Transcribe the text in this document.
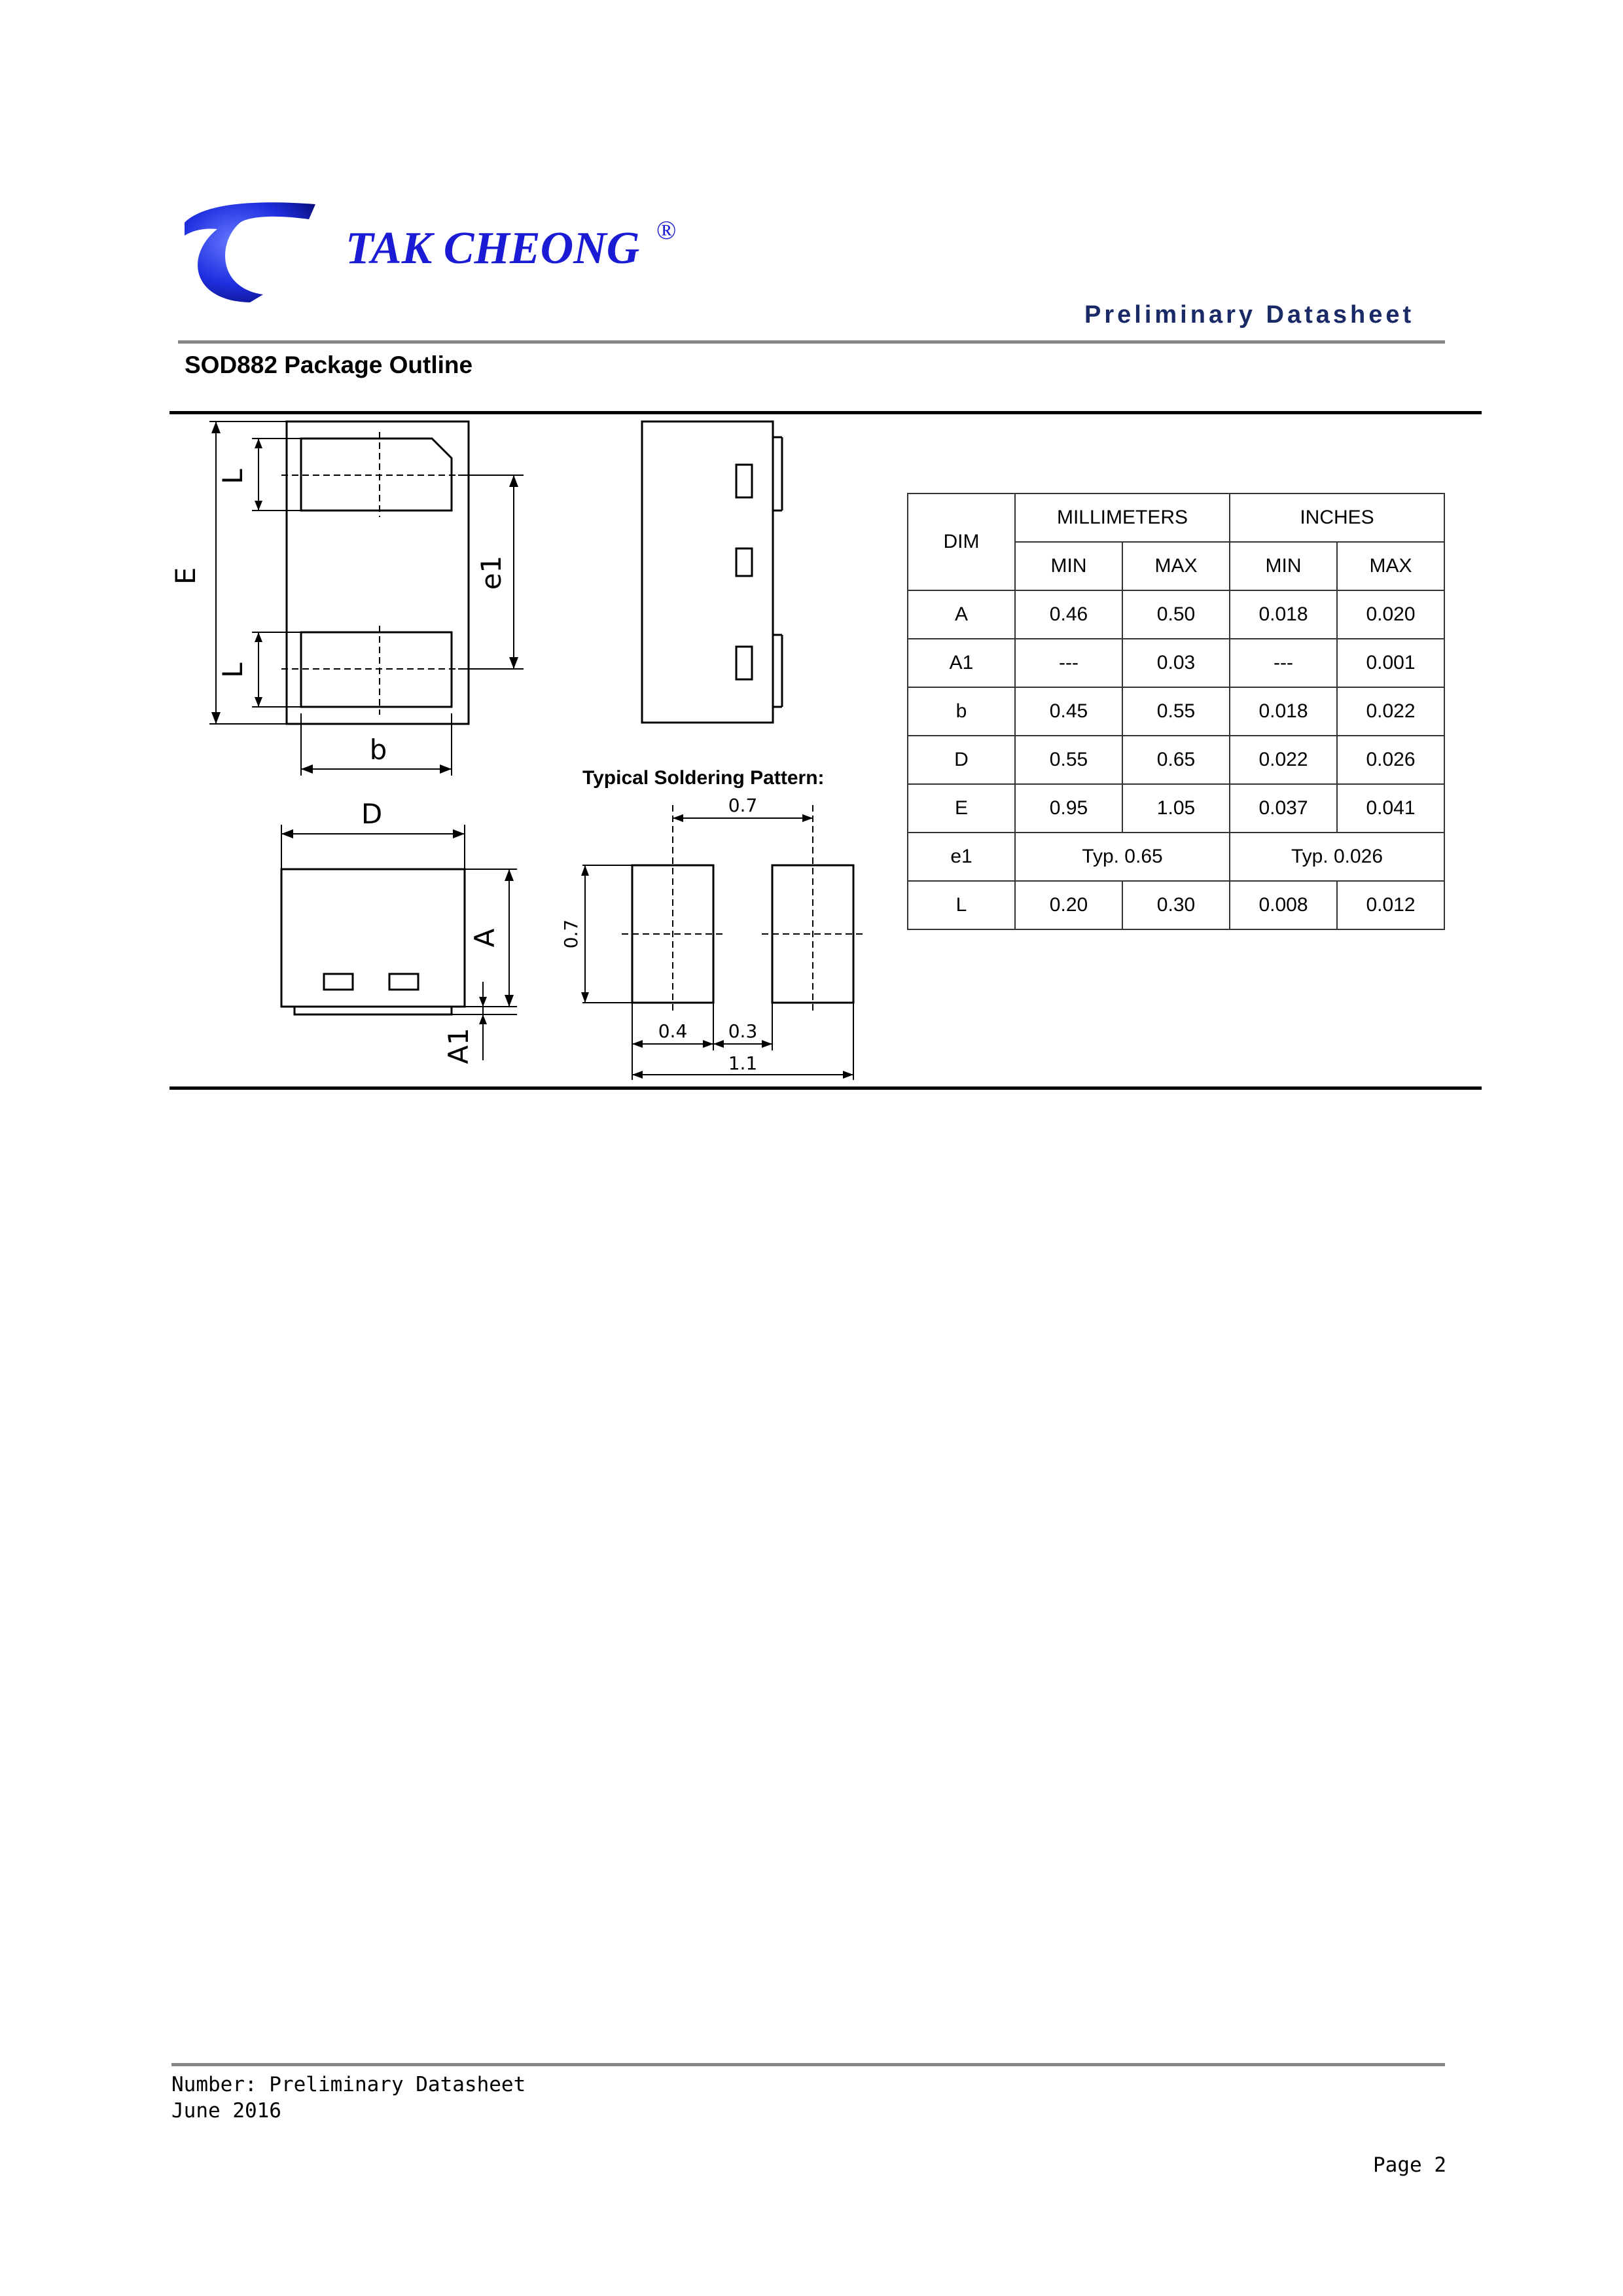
TAK CHEONG ®
Preliminary Datasheet
SOD882 Package Outline
E
L
L
e1
b
D
A
A1
Typical Soldering Pattern:
0.7
0.7
0.4 0.3
1.1
DIM	MILLIMETERS		INCHES	
	MIN	MAX	MIN	MAX
A	0.46	0.50	0.018	0.020
A1	---	0.03	---	0.001
b	0.45	0.55	0.018	0.022
D	0.55	0.65	0.022	0.026
E	0.95	1.05	0.037	0.041
e1	Typ. 0.65		Typ. 0.026	
L	0.20	0.30	0.008	0.012
Number: Preliminary Datasheet
June 2016
Page 2
